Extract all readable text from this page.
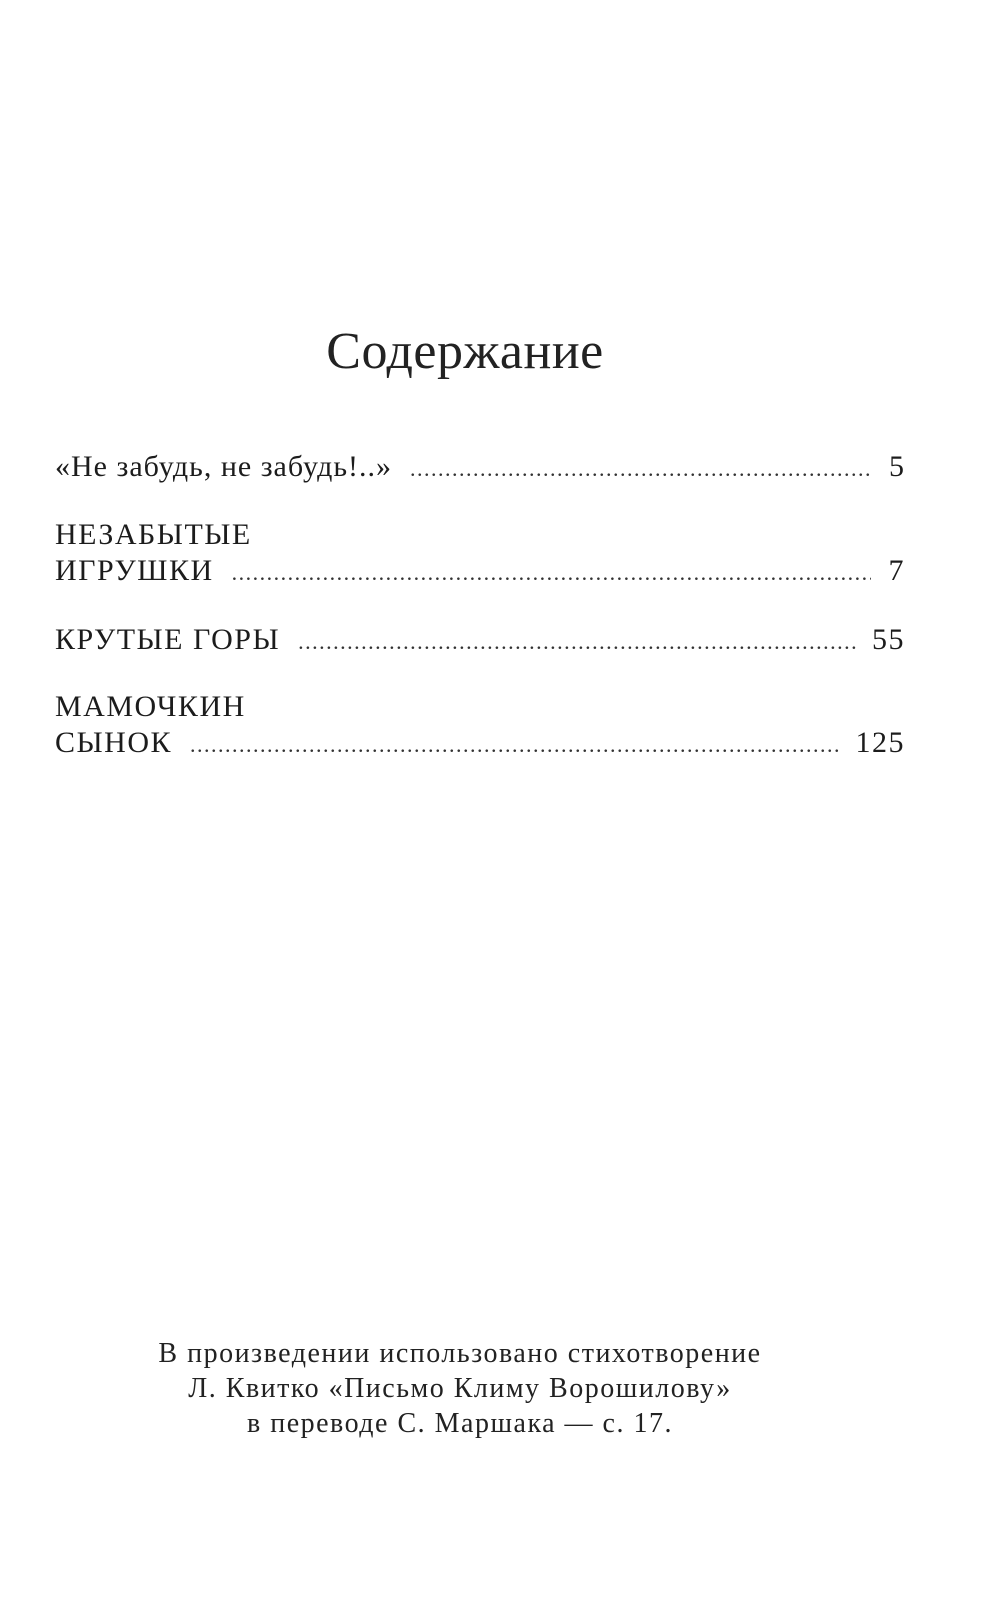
Содержание
«Не забудь, не забудь!..» . . .	5
НЕЗАБЫТЫЕ
ИГРУШКИ . . .	7
КРУТЫЕ ГОРЫ . . .	55
МАМОЧКИН
СЫНОК . . .	125
В произведении использовано стихотворение
Л. Квитко «Письмо Климу Ворошилову»
в переводе С. Маршака — с. 17.
